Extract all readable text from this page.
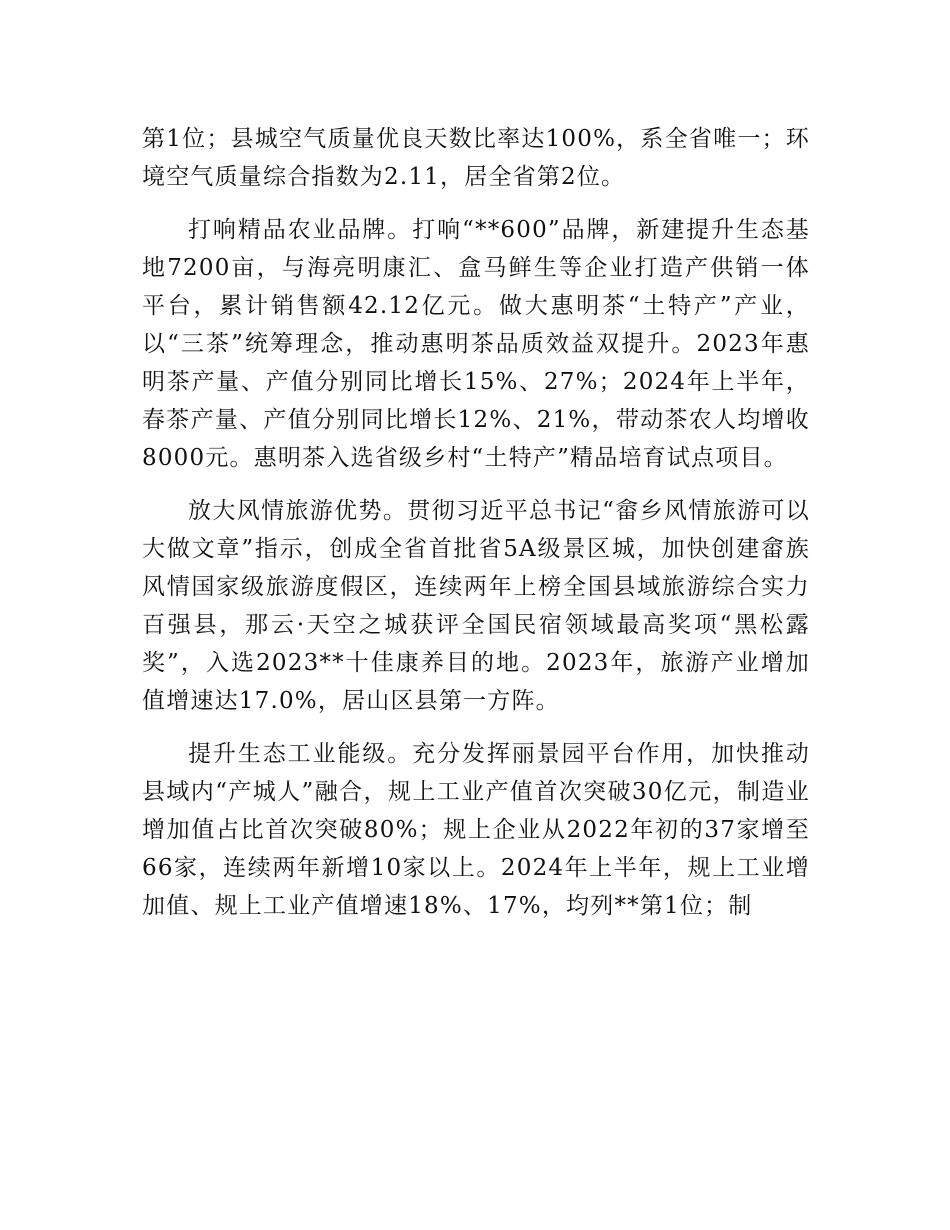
第1位；县城空气质量优良天数比率达100%，系全省唯一；环境空气质量综合指数为2.11，居全省第2位。

打响精品农业品牌。打响“**600”品牌，新建提升生态基地7200亩，与海亮明康汇、盒马鲜生等企业打造产供销一体平台，累计销售额42.12亿元。做大惠明茶“土特产”产业，以“三茶”统筹理念，推动惠明茶品质效益双提升。2023年惠明茶产量、产值分别同比增长15%、27%；2024年上半年，春茶产量、产值分别同比增长12%、21%，带动茶农人均增收8000元。惠明茶入选省级乡村“土特产”精品培育试点项目。

放大风情旅游优势。贯彻习近平总书记“畲乡风情旅游可以大做文章”指示，创成全省首批省5A级景区城，加快创建畲族风情国家级旅游度假区，连续两年上榜全国县域旅游综合实力百强县，那云·天空之城获评全国民宿领域最高奖项“黑松露奖”，入选2023**十佳康养目的地。2023年，旅游产业增加值增速达17.0%，居山区县第一方阵。

提升生态工业能级。充分发挥丽景园平台作用，加快推动县域内“产城人”融合，规上工业产值首次突破30亿元，制造业增加值占比首次突破80%；规上企业从2022年初的37家增至66家，连续两年新增10家以上。2024年上半年，规上工业增加值、规上工业产值增速18%、17%，均列**第1位；制
